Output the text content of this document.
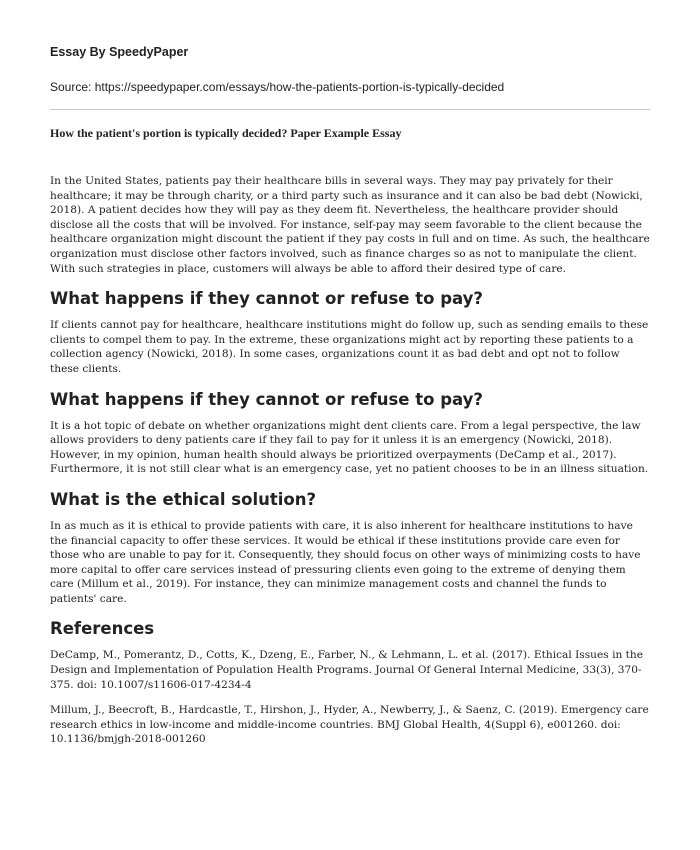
Essay By SpeedyPaper
Source: https://speedypaper.com/essays/how-the-patients-portion-is-typically-decided
How the patient's portion is typically decided? Paper Example Essay

In the United States, patients pay their healthcare bills in several ways. They may pay privately for their healthcare; it may be through charity, or a third party such as insurance and it can also be bad debt (Nowicki, 2018). A patient decides how they will pay as they deem fit. Nevertheless, the healthcare provider should disclose all the costs that will be involved. For instance, self-pay may seem favorable to the client because the healthcare organization might discount the patient if they pay costs in full and on time. As such, the healthcare organization must disclose other factors involved, such as finance charges so as not to manipulate the client. With such strategies in place, customers will always be able to afford their desired type of care.

What happens if they cannot or refuse to pay?

If clients cannot pay for healthcare, healthcare institutions might do follow up, such as sending emails to these clients to compel them to pay. In the extreme, these organizations might act by reporting these patients to a collection agency (Nowicki, 2018). In some cases, organizations count it as bad debt and opt not to follow these clients.

What happens if they cannot or refuse to pay?

It is a hot topic of debate on whether organizations might dent clients care. From a legal perspective, the law allows providers to deny patients care if they fail to pay for it unless it is an emergency (Nowicki, 2018). However, in my opinion, human health should always be prioritized overpayments (DeCamp et al., 2017). Furthermore, it is not still clear what is an emergency case, yet no patient chooses to be in an illness situation.

What is the ethical solution?

In as much as it is ethical to provide patients with care, it is also inherent for healthcare institutions to have the financial capacity to offer these services. It would be ethical if these institutions provide care even for those who are unable to pay for it. Consequently, they should focus on other ways of minimizing costs to have more capital to offer care services instead of pressuring clients even going to the extreme of denying them care (Millum et al., 2019). For instance, they can minimize management costs and channel the funds to patients' care.

References

DeCamp, M., Pomerantz, D., Cotts, K., Dzeng, E., Farber, N., & Lehmann, L. et al. (2017). Ethical Issues in the Design and Implementation of Population Health Programs. Journal Of General Internal Medicine, 33(3), 370-375. doi: 10.1007/s11606-017-4234-4

Millum, J., Beecroft, B., Hardcastle, T., Hirshon, J., Hyder, A., Newberry, J., & Saenz, C. (2019). Emergency care research ethics in low-income and middle-income countries. BMJ Global Health, 4(Suppl 6), e001260. doi: 10.1136/bmjgh-2018-001260
